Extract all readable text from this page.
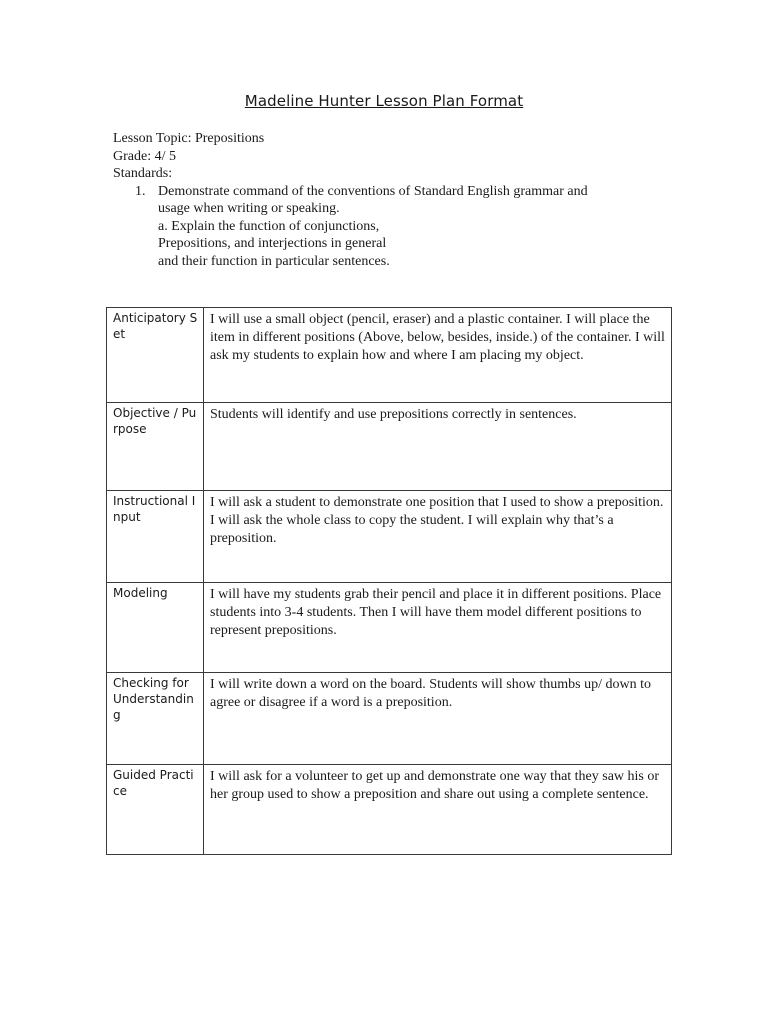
Madeline Hunter Lesson Plan Format
Lesson Topic: Prepositions
Grade: 4/ 5
Standards:
1. Demonstrate command of the conventions of Standard English grammar and
usage when writing or speaking.
a. Explain the function of conjunctions,
Prepositions, and interjections in general
and their function in particular sentences.
Anticipatory Set	I will use a small object (pencil, eraser) and a plastic container. I will place the item in different positions (Above, below, besides, inside.) of the container. I will ask my students to explain how and where I am placing my object.
Objective / Purpose	Students will identify and use prepositions correctly in sentences.
Instructional Input	I will ask a student to demonstrate one position that I used to show a preposition. I will ask the whole class to copy the student. I will explain why that’s a preposition.
Modeling	I will have my students grab their pencil and place it in different positions. Place students into 3-4 students. Then I will have them model different positions to represent prepositions.
Checking for Understanding	I will write down a word on the board. Students will show thumbs up/ down to agree or disagree if a word is a preposition.
Guided Practice	I will ask for a volunteer to get up and demonstrate one way that they saw his or her group used to show a preposition and share out using a complete sentence.
